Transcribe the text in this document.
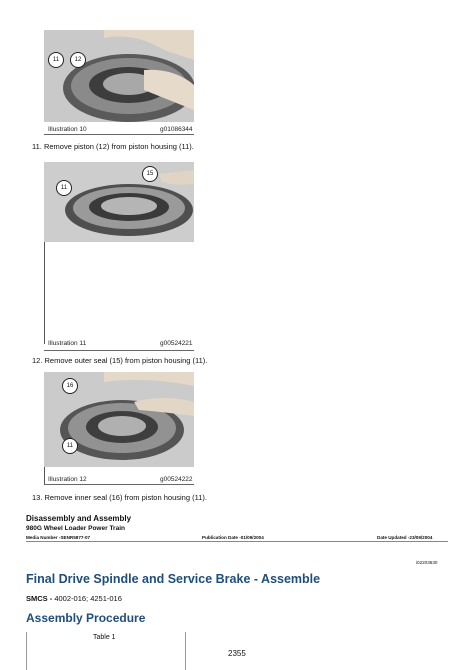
11	12
Illustration 10	g01086344
11. Remove piston (12) from piston housing (11).
11
15
Illustration 11	g00524221
12. Remove outer seal (15) from piston housing (11).
16
11
Illustration 12	g00524222
13. Remove inner seal (16) from piston housing (11).
Disassembly and Assembly
980G Wheel Loader Power Train
Media Number -SENR5877-07	Publication Date -01/09/2004	Date Updated -23/09/2004
i02203630
Final Drive Spindle and Service Brake - Assemble
SMCS - 4002-016; 4251-016
Assembly Procedure
Table 1
2355
